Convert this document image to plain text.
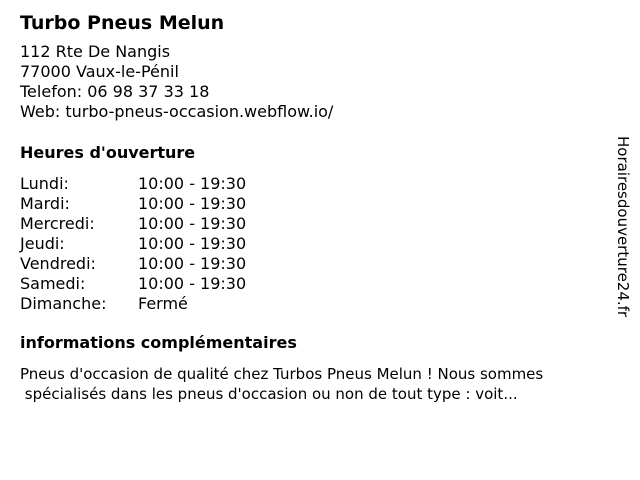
Turbo Pneus Melun
112 Rte De Nangis
77000 Vaux-le-Pénil
Telefon: 06 98 37 33 18
Web: turbo-pneus-occasion.webflow.io/
Heures d'ouverture
Lundi:	10:00 - 19:30
Mardi:	10:00 - 19:30
Mercredi:	10:00 - 19:30
Jeudi:	10:00 - 19:30
Vendredi:	10:00 - 19:30
Samedi:	10:00 - 19:30
Dimanche:	Fermé
informations complémentaires
Pneus d'occasion de qualité chez Turbos Pneus Melun ! Nous sommes
spécialisés dans les pneus d'occasion ou non de tout type : voit...
Horairesdouverture24.fr
